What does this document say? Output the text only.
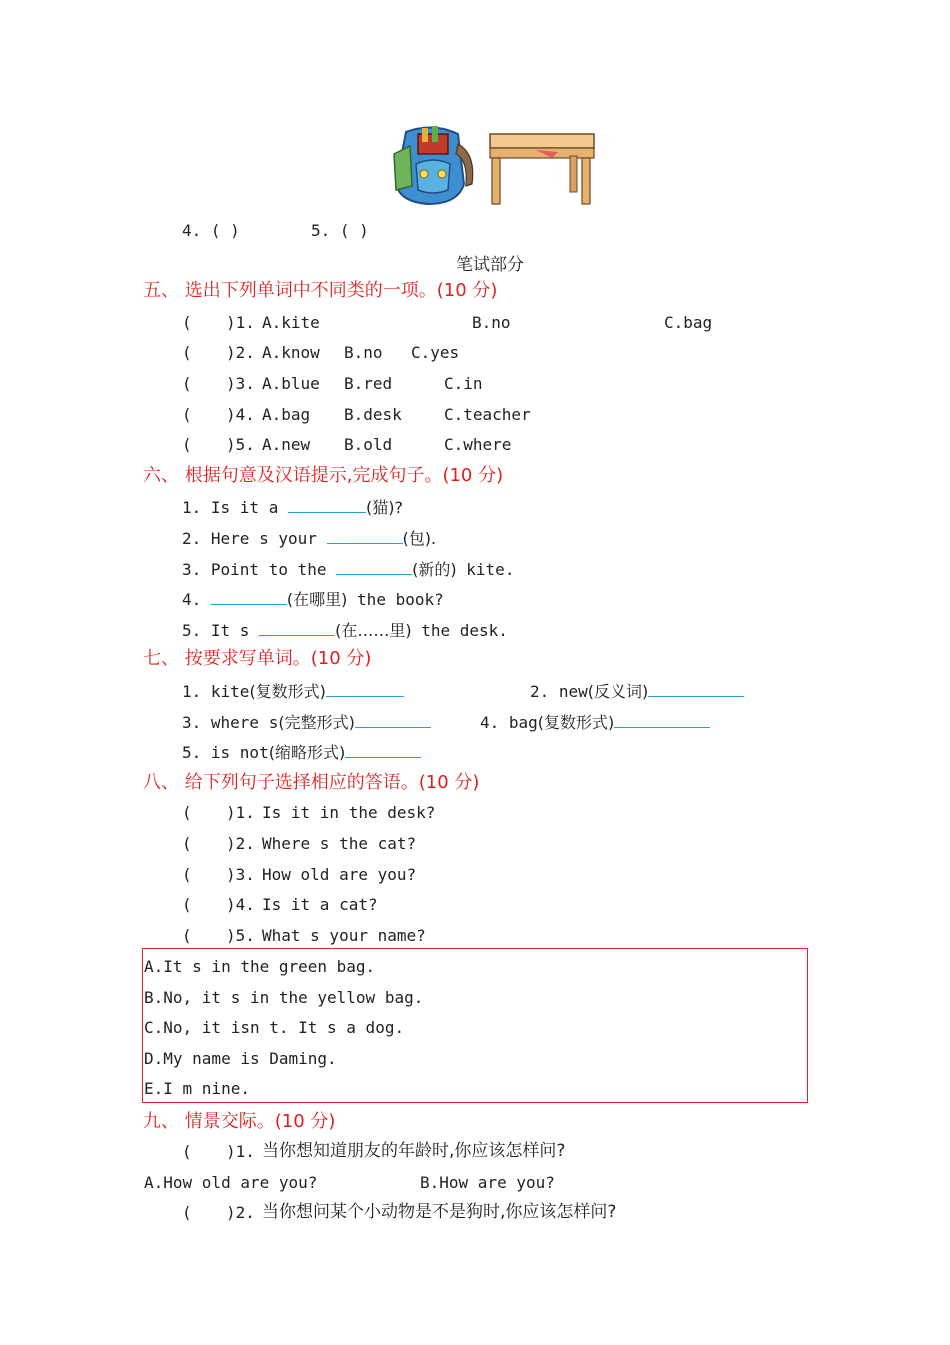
4. ( )	5. ( )
笔试部分
五、 选出下列单词中不同类的一项。(10 分)
( )1. A.kite	B.no	C.bag
( )2. A.know B.no C.yes
( )3. A.blue B.red	C.in
( )4. A.bag B.desk	C.teacher
( )5. A.new B.old	C.where
六、 根据句意及汉语提示,完成句子。(10 分)
1. Is it a	(猫)?
2. Here s your	(包).
3. Point to the	(新的) kite.
4.	(在哪里) the book?
5. It s	(在……里) the desk.
七、 按要求写单词。(10 分)
1. kite(复数形式)	2. new(反义词)
3. where s(完整形式)	4. bag(复数形式)
5. is not(缩略形式)
八、 给下列句子选择相应的答语。(10 分)
( )1. Is it in the desk?
( )2. Where s the cat?
( )3. How old are you?
( )4. Is it a cat?
( )5. What s your name?
A.It s in the green bag.
B.No, it s in the yellow bag.
C.No, it isn t. It s a dog.
D.My name is Daming.
E.I m nine.
九、 情景交际。(10 分)
( )1. 当你想知道朋友的年龄时,你应该怎样问?
A.How old are you?	B.How are you?
( )2. 当你想问某个小动物是不是狗时,你应该怎样问?
